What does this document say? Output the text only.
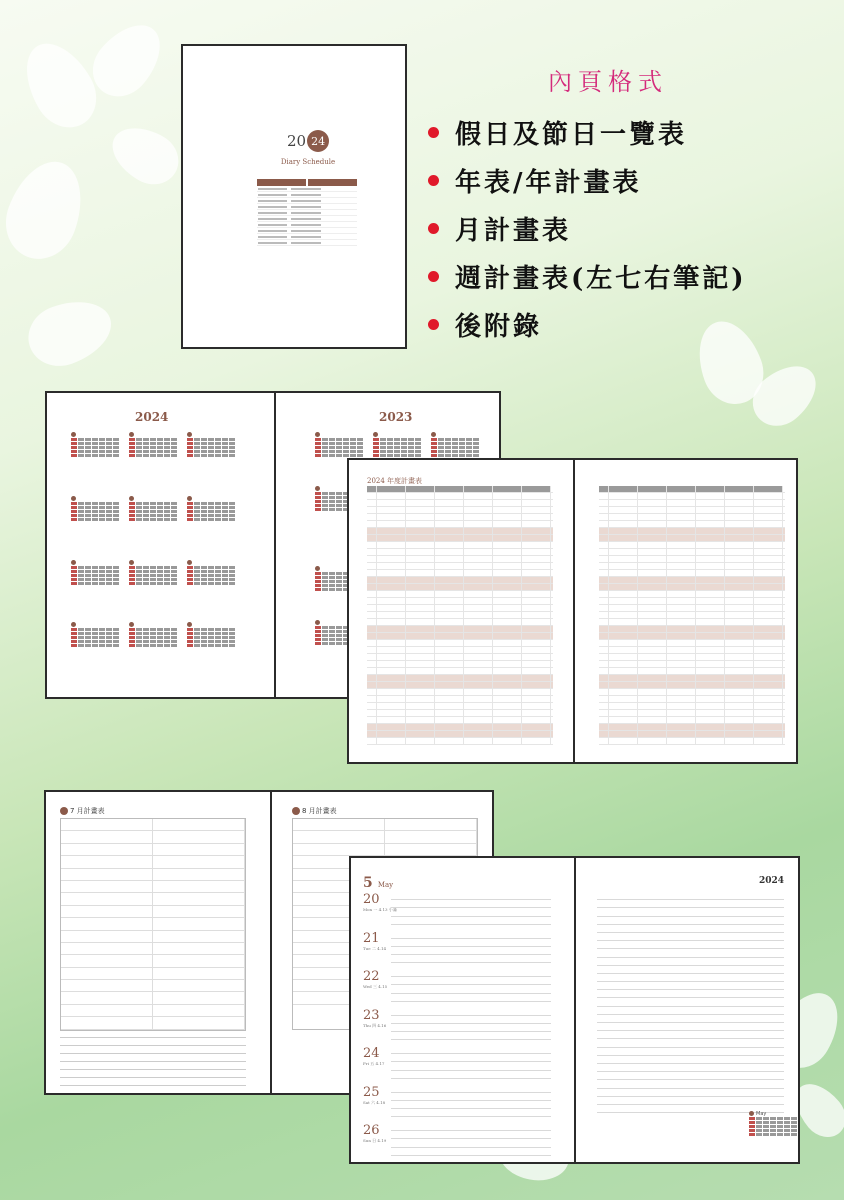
內頁格式
假日及節日一覽表
年表/年計畫表
月計畫表
週計畫表(左七右筆記)
後附錄
20 24
Diary Schedule
2024	2023
2024 年度計畫表
7 月計畫表	8 月計畫表
5 May	2024
20
Mon 一 4.13 小滿
21
Tue 二 4.14
22
Wed 三 4.15
23
Thu 四 4.16
24
Fri 五 4.17
25
Sat 六 4.18
26
Sun 日 4.19
May
